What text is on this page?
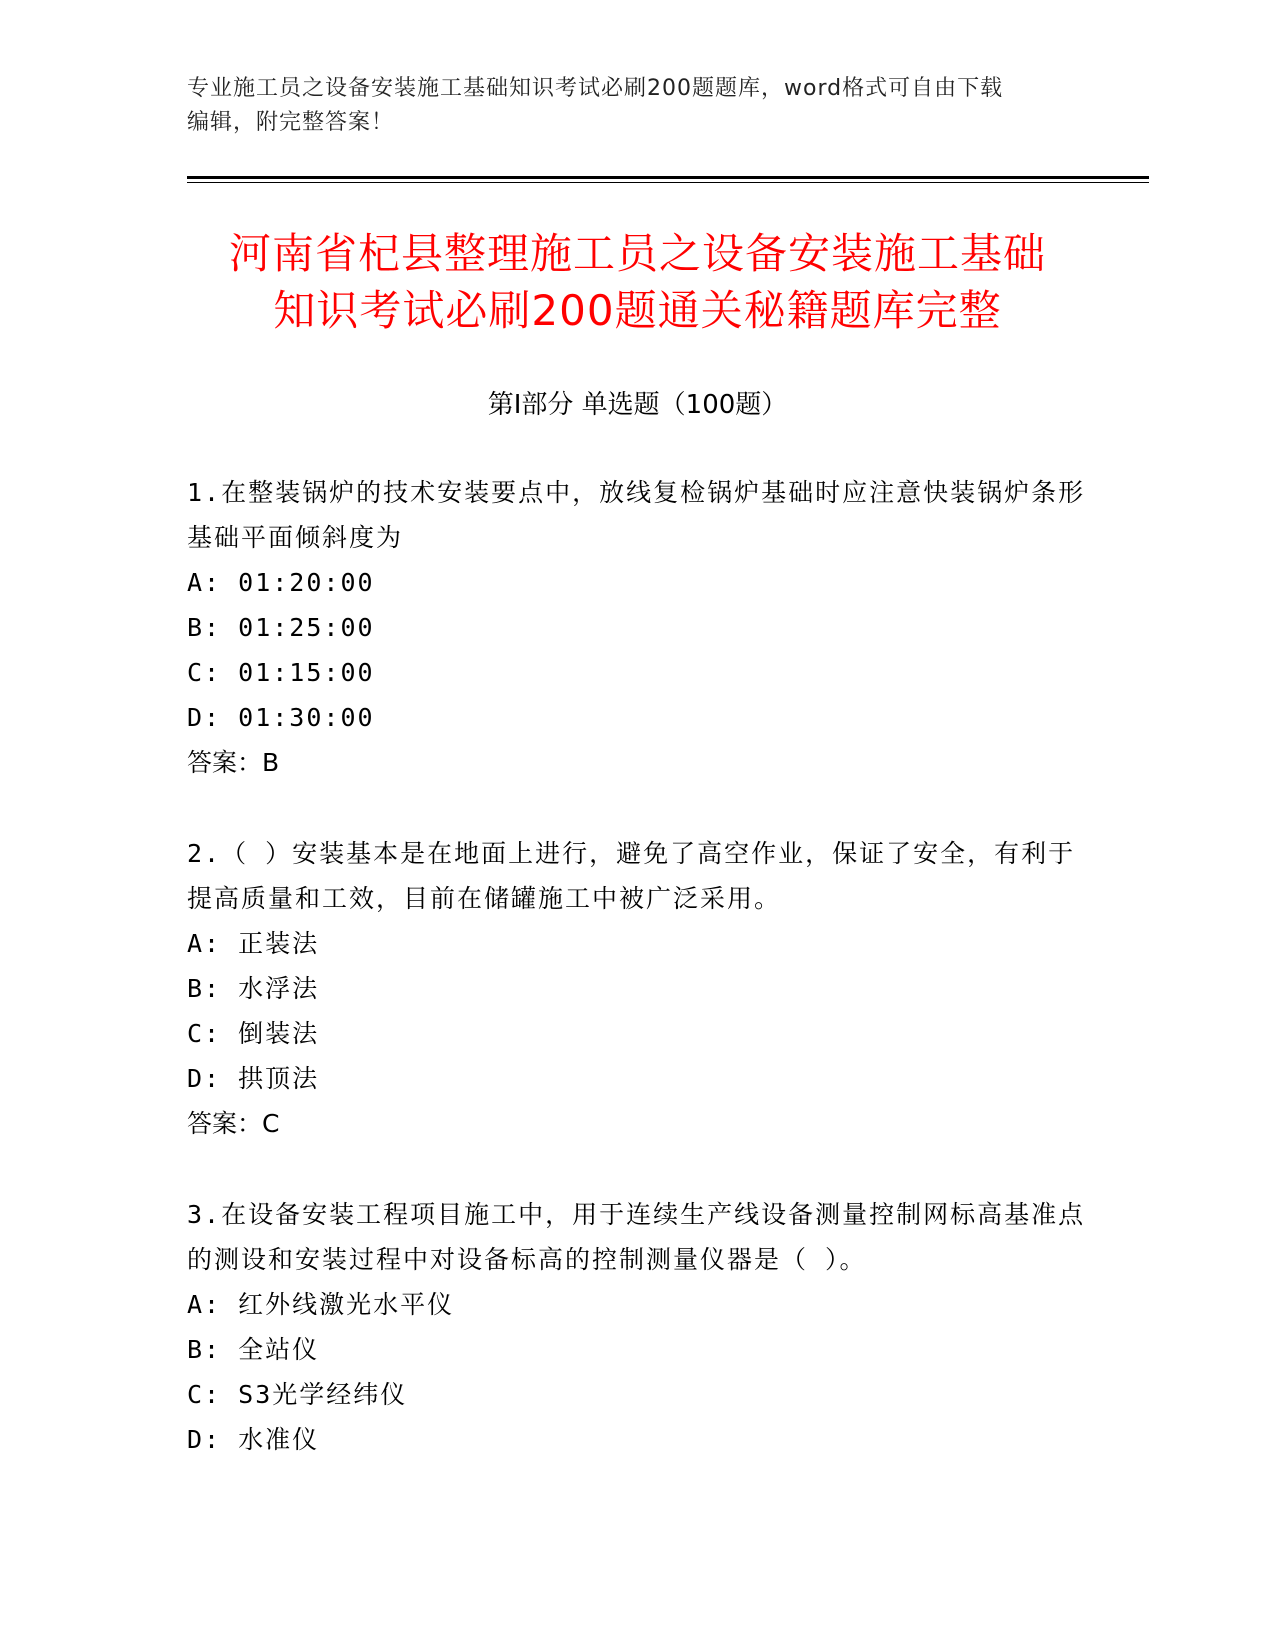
专业施工员之设备安装施工基础知识考试必刷200题题库，word格式可自由下载
编辑，附完整答案！
河南省杞县整理施工员之设备安装施工基础
知识考试必刷200题通关秘籍题库完整
第I部分 单选题（100题）
1.在整装锅炉的技术安装要点中，放线复检锅炉基础时应注意快装锅炉条形基础平面倾斜度为
A: 01:20:00
B: 01:25:00
C: 01:15:00
D: 01:30:00
答案：B
2.（ ）安装基本是在地面上进行，避免了高空作业，保证了安全，有利于提高质量和工效，目前在储罐施工中被广泛采用。
A: 正装法
B: 水浮法
C: 倒装法
D: 拱顶法
答案：C
3.在设备安装工程项目施工中，用于连续生产线设备测量控制网标高基准点的测设和安装过程中对设备标高的控制测量仪器是（ ）。
A: 红外线激光水平仪
B: 全站仪
C: S3光学经纬仪
D: 水准仪
